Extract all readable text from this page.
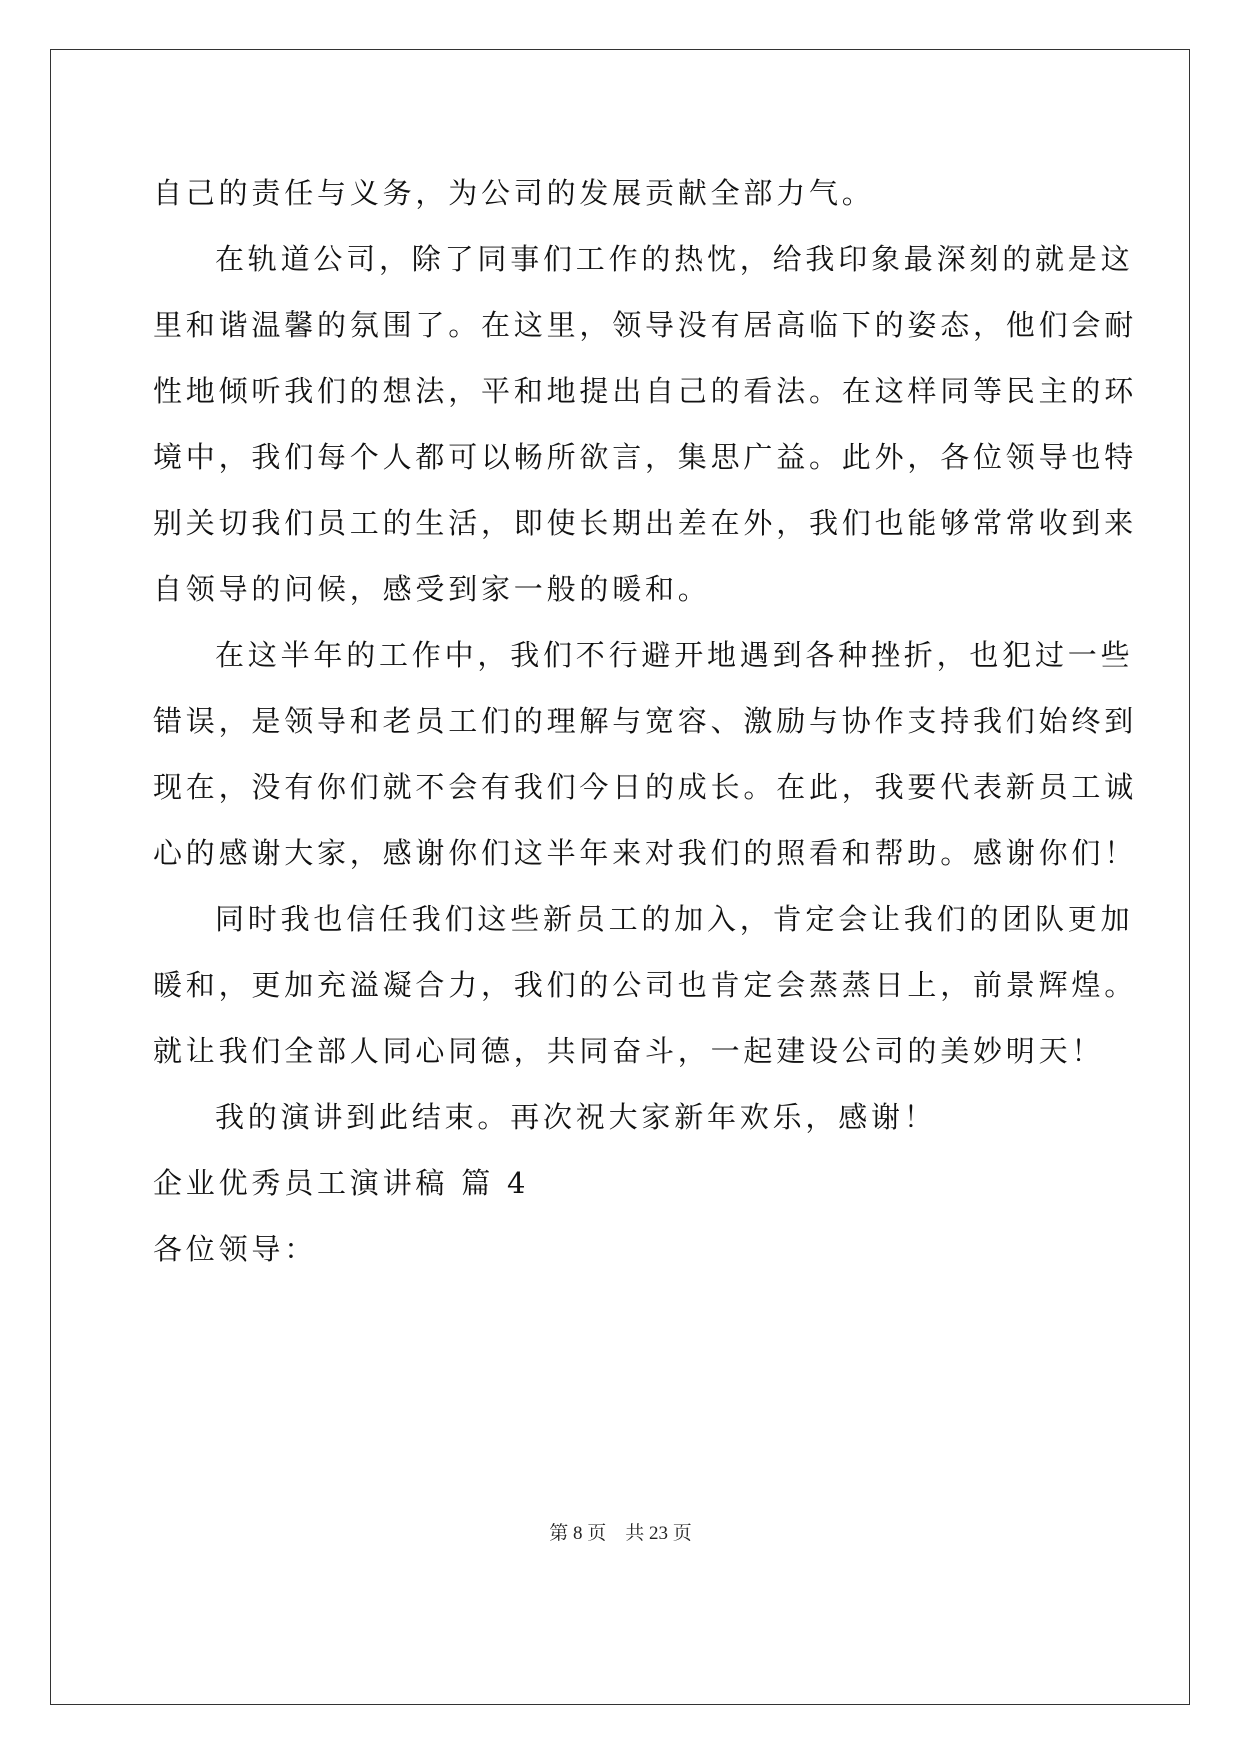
自己的责任与义务，为公司的发展贡献全部力气。

在轨道公司，除了同事们工作的热忱，给我印象最深刻的就是这

里和谐温馨的氛围了。在这里，领导没有居高临下的姿态，他们会耐

性地倾听我们的想法，平和地提出自己的看法。在这样同等民主的环

境中，我们每个人都可以畅所欲言，集思广益。此外，各位领导也特

别关切我们员工的生活，即使长期出差在外，我们也能够常常收到来

自领导的问候，感受到家一般的暖和。

在这半年的工作中，我们不行避开地遇到各种挫折，也犯过一些

错误，是领导和老员工们的理解与宽容、激励与协作支持我们始终到

现在，没有你们就不会有我们今日的成长。在此，我要代表新员工诚

心的感谢大家，感谢你们这半年来对我们的照看和帮助。感谢你们！

同时我也信任我们这些新员工的加入，肯定会让我们的团队更加

暖和，更加充溢凝合力，我们的公司也肯定会蒸蒸日上，前景辉煌。

就让我们全部人同心同德，共同奋斗，一起建设公司的美妙明天！

我的演讲到此结束。再次祝大家新年欢乐，感谢！

企业优秀员工演讲稿 篇 4

各位领导：

第 8 页　共 23 页
